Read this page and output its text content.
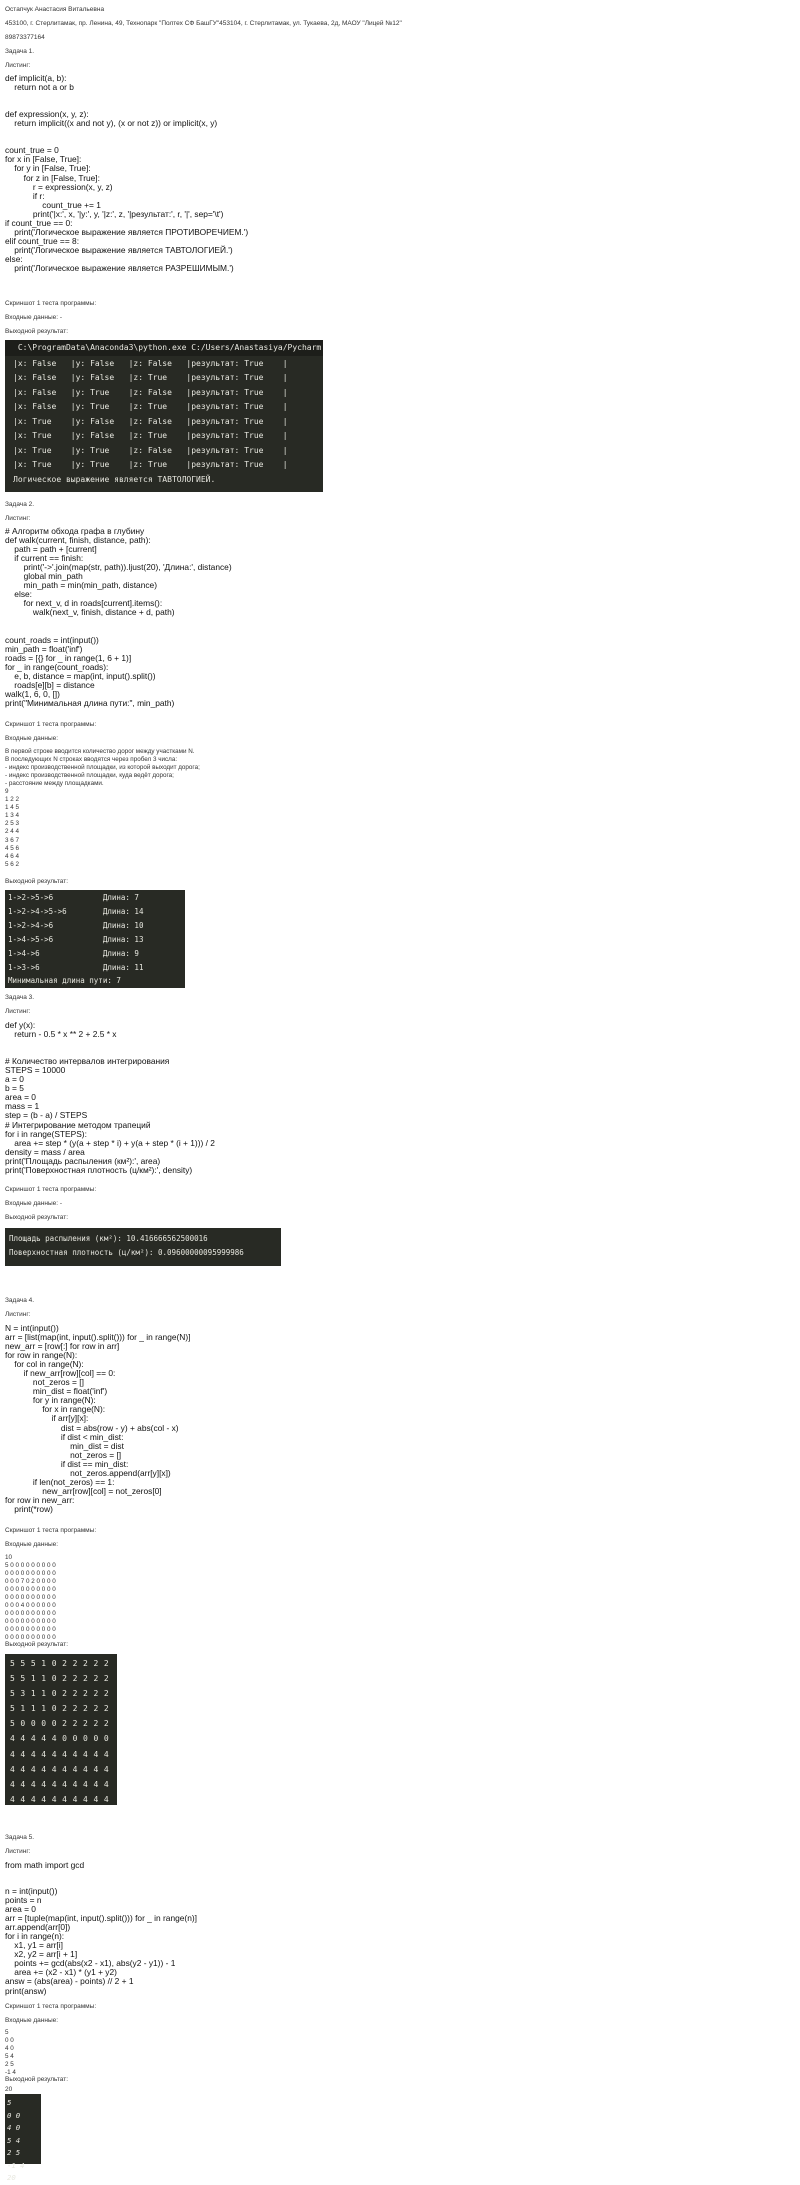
Остапчук Анастасия Витальевна
453100, г. Стерлитамак, пр. Ленина, 49, Технопарк "Полтех СФ БашГУ"453104, г. Стерлитамак, ул. Тукаева, 2д, МАОУ "Лицей №12"
89873377164
Задача 1.
Листинг:
def implicit(a, b):
return not a or b

def expression(x, y, z):
return implicit((x and not y), (x or not z)) or implicit(x, y)

count_true = 0
for x in [False, True]:
for y in [False, True]:
for z in [False, True]:
r = expression(x, y, z)
if r:
count_true += 1
print('|x:', x, '|y:', y, '|z:', z, '|результат:', r, '|', sep='\t')
if count_true == 0:
print('Логическое выражение является ПРОТИВОРЕЧИЕМ.')
elif count_true == 8:
print('Логическое выражение является ТАВТОЛОГИЕЙ.')
else:
print('Логическое выражение является РАЗРЕШИМЫМ.')
Скриншот 1 теста программы:
Входные данные: -
Выходной результат:
C:\ProgramData\Anaconda3\python.exe C:/Users/Anastasiya/Pycharm
|x: False   |y: False   |z: False   |результат: True    |
|x: False   |y: False   |z: True    |результат: True    |
|x: False   |y: True    |z: False   |результат: True    |
|x: False   |y: True    |z: True    |результат: True    |
|x: True    |y: False   |z: False   |результат: True    |
|x: True    |y: False   |z: True    |результат: True    |
|x: True    |y: True    |z: False   |результат: True    |
|x: True    |y: True    |z: True    |результат: True    |
Логическое выражение является ТАВТОЛОГИЕЙ.
Задача 2.
Листинг:
# Алгоритм обхода графа в глубину
def walk(current, finish, distance, path):
path = path + [current]
if current == finish:
print('->'.join(map(str, path)).ljust(20), 'Длина:', distance)
global min_path
min_path = min(min_path, distance)
else:
for next_v, d in roads[current].items():
walk(next_v, finish, distance + d, path)

count_roads = int(input())
min_path = float('inf')
roads = [{} for _ in range(1, 6 + 1)]
for _ in range(count_roads):
e, b, distance = map(int, input().split())
roads[e][b] = distance
walk(1, 6, 0, [])
print("Минимальная длина пути:", min_path)
Скриншот 1 теста программы:
Входные данные:
В первой строке вводится количество дорог между участками N.
В последующих N строках вводятся через пробел 3 числа:
- индекс производственной площадки, из которой выходит дорога;
- индекс производственной площадки, куда ведёт дорога;
- расстояние между площадками.
9
1 2 2
1 4 5
1 3 4
2 5 3
2 4 4
3 6 7
4 5 6
4 6 4
5 6 2
Выходной результат:
1->2->5->6           Длина: 7
1->2->4->5->6        Длина: 14
1->2->4->6           Длина: 10
1->4->5->6           Длина: 13
1->4->6              Длина: 9
1->3->6              Длина: 11
Минимальная длина пути: 7
Задача 3.
Листинг:
def y(x):
return - 0.5 * x ** 2 + 2.5 * x

# Количество интервалов интегрирования
STEPS = 10000
a = 0
b = 5
area = 0
mass = 1
step = (b - a) / STEPS
# Интегрирование методом трапеций
for i in range(STEPS):
area += step * (y(a + step * i) + y(a + step * (i + 1))) / 2
density = mass / area
print('Площадь распыления (км²):', area)
print('Поверхностная плотность (ц/км²):', density)
Скриншот 1 теста программы:
Входные данные: -
Выходной результат:
Площадь распыления (км²): 10.416666562500016
Поверхностная плотность (ц/км²): 0.09600000095999986
Задача 4.
Листинг:
N = int(input())
arr = [list(map(int, input().split())) for _ in range(N)]
new_arr = [row[:] for row in arr]
for row in range(N):
for col in range(N):
if new_arr[row][col] == 0:
not_zeros = []
min_dist = float('inf')
for y in range(N):
for x in range(N):
if arr[y][x]:
dist = abs(row - y) + abs(col - x)
if dist < min_dist:
min_dist = dist
not_zeros = []
if dist == min_dist:
not_zeros.append(arr[y][x])
if len(not_zeros) == 1:
new_arr[row][col] = not_zeros[0]
for row in new_arr:
print(*row)
Скриншот 1 теста программы:
Входные данные:
10
5 0 0 0 0 0 0 0 0 0
0 0 0 0 0 0 0 0 0 0
0 0 0 7 0 2 0 0 0 0
0 0 0 0 0 0 0 0 0 0
0 0 0 0 0 0 0 0 0 0
0 0 0 4 0 0 0 0 0 0
0 0 0 0 0 0 0 0 0 0
0 0 0 0 0 0 0 0 0 0
0 0 0 0 0 0 0 0 0 0
0 0 0 0 0 0 0 0 0 0
Выходной результат:
5 5 5 1 0 2 2 2 2 2
5 5 1 1 0 2 2 2 2 2
5 3 1 1 0 2 2 2 2 2
5 1 1 1 0 2 2 2 2 2
5 0 0 0 0 2 2 2 2 2
4 4 4 4 4 0 0 0 0 0
4 4 4 4 4 4 4 4 4 4
4 4 4 4 4 4 4 4 4 4
4 4 4 4 4 4 4 4 4 4
4 4 4 4 4 4 4 4 4 4
Задача 5.
Листинг:
from math import gcd
n = int(input())
points = n
area = 0
arr = [tuple(map(int, input().split())) for _ in range(n)]
arr.append(arr[0])
for i in range(n):
x1, y1 = arr[i]
x2, y2 = arr[i + 1]
points += gcd(abs(x2 - x1), abs(y2 - y1)) - 1
area += (x2 - x1) * (y1 + y2)
answ = (abs(area) - points) // 2 + 1
print(answ)
Скриншот 1 теста программы:
Входные данные:
5
0 0
4 0
5 4
2 5
-1 4
Выходной результат:
20
5
0 0
4 0
5 4
2 5
-1 4
20
